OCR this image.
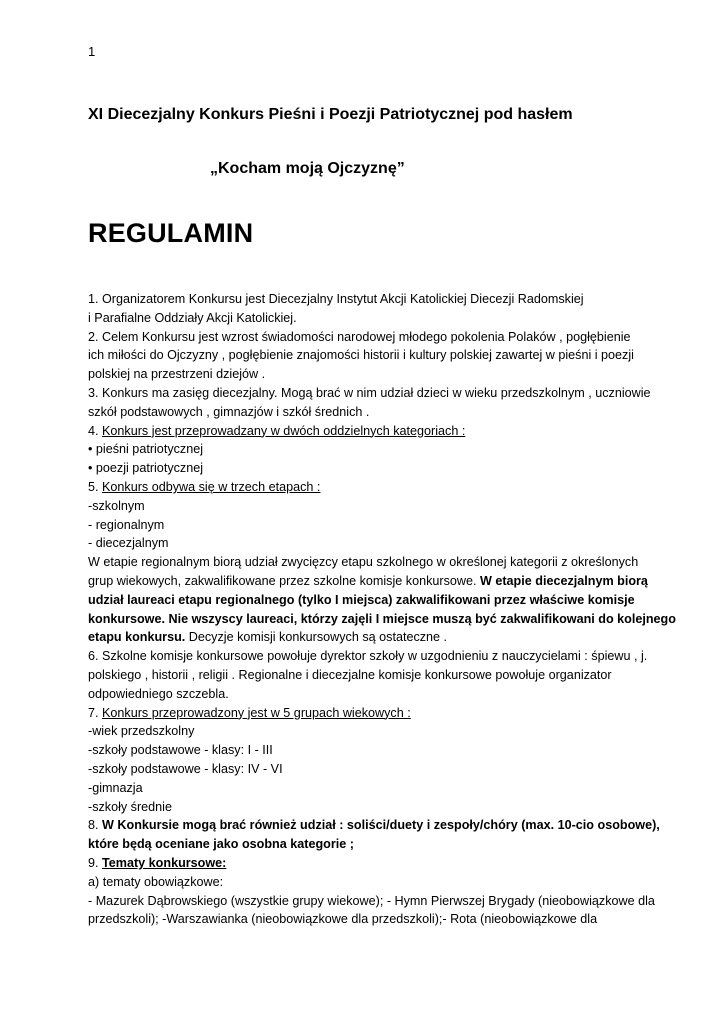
1
XI Diecezjalny Konkurs Pieśni i Poezji Patriotycznej pod hasłem
„Kocham moją Ojczyznę”
REGULAMIN
1. Organizatorem Konkursu jest Diecezjalny Instytut Akcji Katolickiej Diecezji Radomskiej
i Parafialne Oddziały Akcji Katolickiej.
2. Celem Konkursu jest wzrost świadomości narodowej młodego pokolenia Polaków , pogłębienie
ich miłości do Ojczyzny , pogłębienie znajomości historii i kultury polskiej zawartej w pieśni i poezji
polskiej na przestrzeni dziejów .
3. Konkurs ma zasięg diecezjalny. Mogą brać w nim udział dzieci w wieku przedszkolnym , uczniowie
szkół podstawowych , gimnazjów i szkół średnich .
4. Konkurs jest przeprowadzany w dwóch oddzielnych kategoriach :
• pieśni patriotycznej
• poezji patriotycznej
5. Konkurs odbywa się w trzech etapach :
-szkolnym
- regionalnym
- diecezjalnym
W etapie regionalnym biorą udział zwycięzcy etapu szkolnego w określonej kategorii z określonych
grup wiekowych, zakwalifikowane przez szkolne komisje konkursowe. W etapie diecezjalnym biorą
udział laureaci etapu regionalnego (tylko I miejsca) zakwalifikowani przez właściwe komisje
konkursowe. Nie wszyscy laureaci, którzy zajęli I miejsce muszą być zakwalifikowani do kolejnego
etapu konkursu. Decyzje komisji konkursowych są ostateczne .
6. Szkolne komisje konkursowe powołuje dyrektor szkoły w uzgodnieniu z nauczycielami : śpiewu , j.
polskiego , historii , religii . Regionalne i diecezjalne komisje konkursowe powołuje organizator
odpowiedniego szczebla.
7. Konkurs przeprowadzony jest w 5 grupach wiekowych :
-wiek przedszkolny
-szkoły podstawowe - klasy: I - III
-szkoły podstawowe - klasy: IV - VI
-gimnazja
-szkoły średnie
8. W Konkursie mogą brać również udział : soliści/duety i zespoły/chóry (max. 10-cio osobowe),
które będą oceniane jako osobna kategorie ;
9. Tematy konkursowe:
a) tematy obowiązkowe:
- Mazurek Dąbrowskiego (wszystkie grupy wiekowe); - Hymn Pierwszej Brygady (nieobowiązkowe dla
przedszkoli); -Warszawianka (nieobowiązkowe dla przedszkoli);- Rota (nieobowiązkowe dla
